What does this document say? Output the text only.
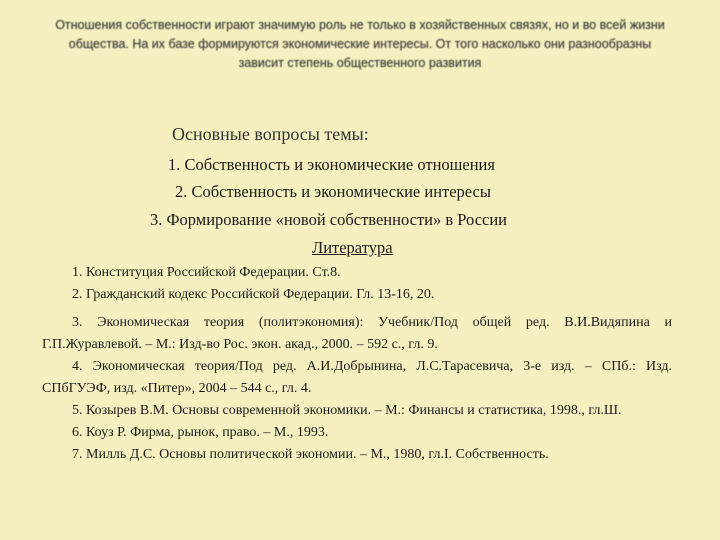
Отношения собственности играют значимую роль не только в хозяйственных связях, но и во всей жизни
общества. На их базе формируются экономические интересы. От того насколько они разнообразны
зависит степень общественного развития
Основные вопросы темы:
1. Собственность и экономические отношения
2. Собственность и экономические интересы
3. Формирование «новой собственности» в России
Литература
1. Конституция Российской Федерации. Ст.8.
2. Гражданский кодекс Российской Федерации. Гл. 13-16, 20.
3. Экономическая теория (политэкономия): Учебник/Под общей ред. В.И.Видяпина и Г.П.Журавлевой. – М.: Изд-во Рос. экон. акад., 2000. – 592 с., гл. 9.
4. Экономическая теория/Под ред. А.И.Добрынина, Л.С.Тарасевича, 3-е изд. – СПб.: Изд. СПбГУЭФ, изд. «Питер», 2004 – 544 с., гл. 4.
5. Козырев В.М. Основы современной экономики. – М.: Финансы и статистика, 1998., гл.Ш.
6. Коуз Р. Фирма, рынок, право. – М., 1993.
7. Милль Д.С. Основы политической экономии. – М., 1980, гл.I. Собственность.
